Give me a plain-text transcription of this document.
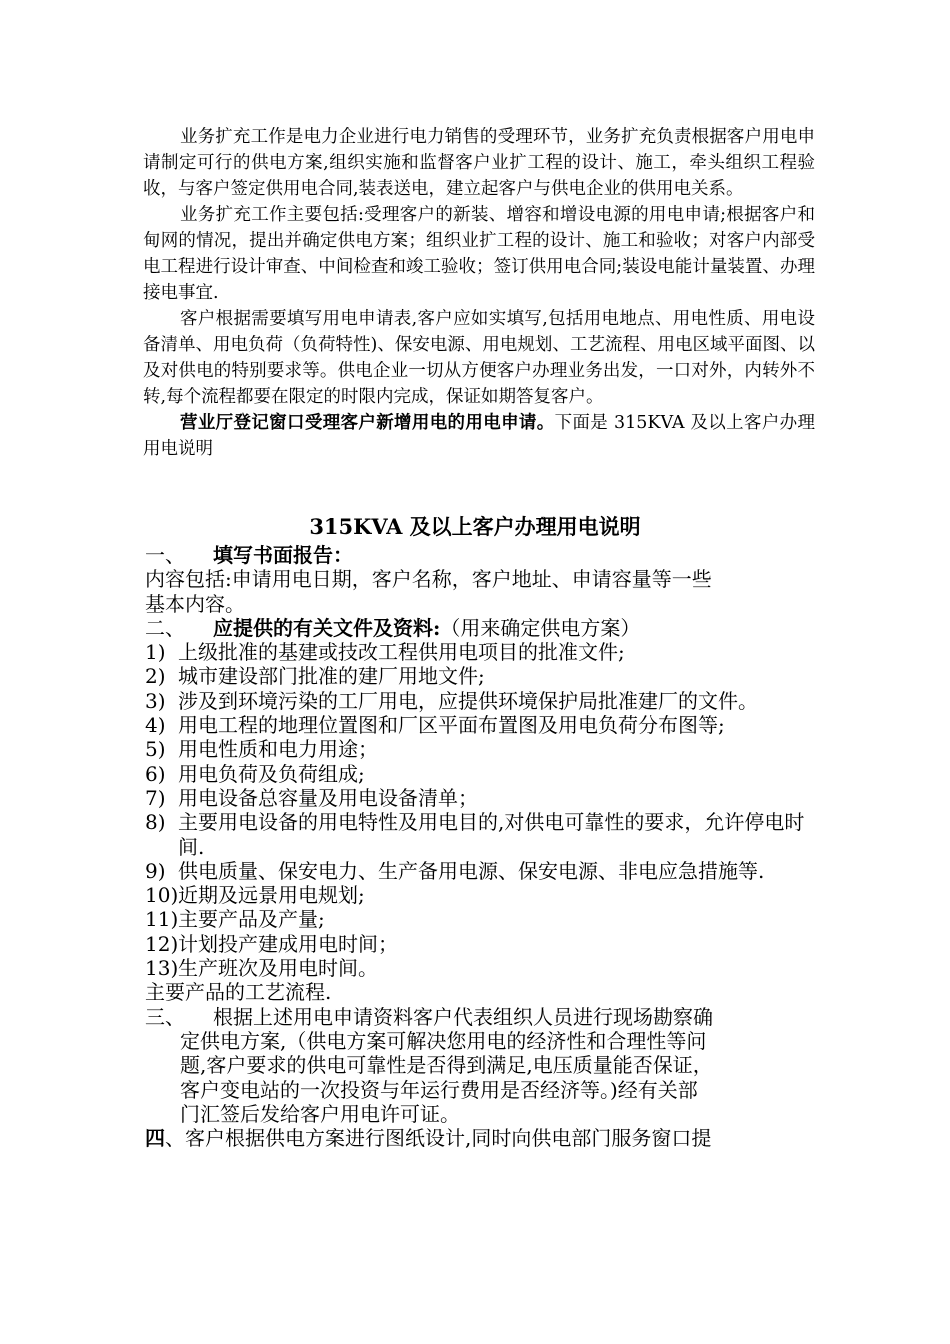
业务扩充工作是电力企业进行电力销售的受理环节，业务扩充负责根据客户用电申请制定可行的供电方案,组织实施和监督客户业扩工程的设计、施工，牵头组织工程验收，与客户签定供用电合同,装表送电，建立起客户与供电企业的供用电关系。

业务扩充工作主要包括:受理客户的新装、增容和增设电源的用电申请;根据客户和甸网的情况，提出并确定供电方案；组织业扩工程的设计、施工和验收；对客户内部受电工程进行设计审查、中间检查和竣工验收；签订供用电合同;装设电能计量装置、办理接电事宜.

客户根据需要填写用电申请表,客户应如实填写,包括用电地点、用电性质、用电设备清单、用电负荷（负荷特性)、保安电源、用电规划、工艺流程、用电区域平面图、以及对供电的特别要求等。供电企业一切从方便客户办理业务出发，一口对外，内转外不转,每个流程都要在限定的时限内完成，保证如期答复客户。

营业厅登记窗口受理客户新增用电的用电申请。下面是 315KVA 及以上客户办理用电说明

315KVA 及以上客户办理用电说明
一、	填写书面报告：
内容包括:申请用电日期，客户名称，客户地址、申请容量等一些
基本内容。
二、	应提供的有关文件及资料:（用来确定供电方案）
1) 上级批准的基建或技改工程供用电项目的批准文件;
2) 城市建设部门批准的建厂用地文件;
3) 涉及到环境污染的工厂用电，应提供环境保护局批准建厂的文件。
4) 用电工程的地理位置图和厂区平面布置图及用电负荷分布图等;
5) 用电性质和电力用途；
6) 用电负荷及负荷组成;
7) 用电设备总容量及用电设备清单；
8) 主要用电设备的用电特性及用电目的,对供电可靠性的要求，允许停电时间.
9) 供电质量、保安电力、生产备用电源、保安电源、非电应急措施等.
10) 近期及远景用电规划;
11) 主要产品及产量;
12) 计划投产建成用电时间；
13) 生产班次及用电时间。
主要产品的工艺流程.
三、	根据上述用电申请资料客户代表组织人员进行现场勘察确
定供电方案,（供电方案可解决您用电的经济性和合理性等问
题,客户要求的供电可靠性是否得到满足,电压质量能否保证，
客户变电站的一次投资与年运行费用是否经济等。)经有关部
门汇签后发给客户用电许可证。
四、客户根据供电方案进行图纸设计,同时向供电部门服务窗口提
